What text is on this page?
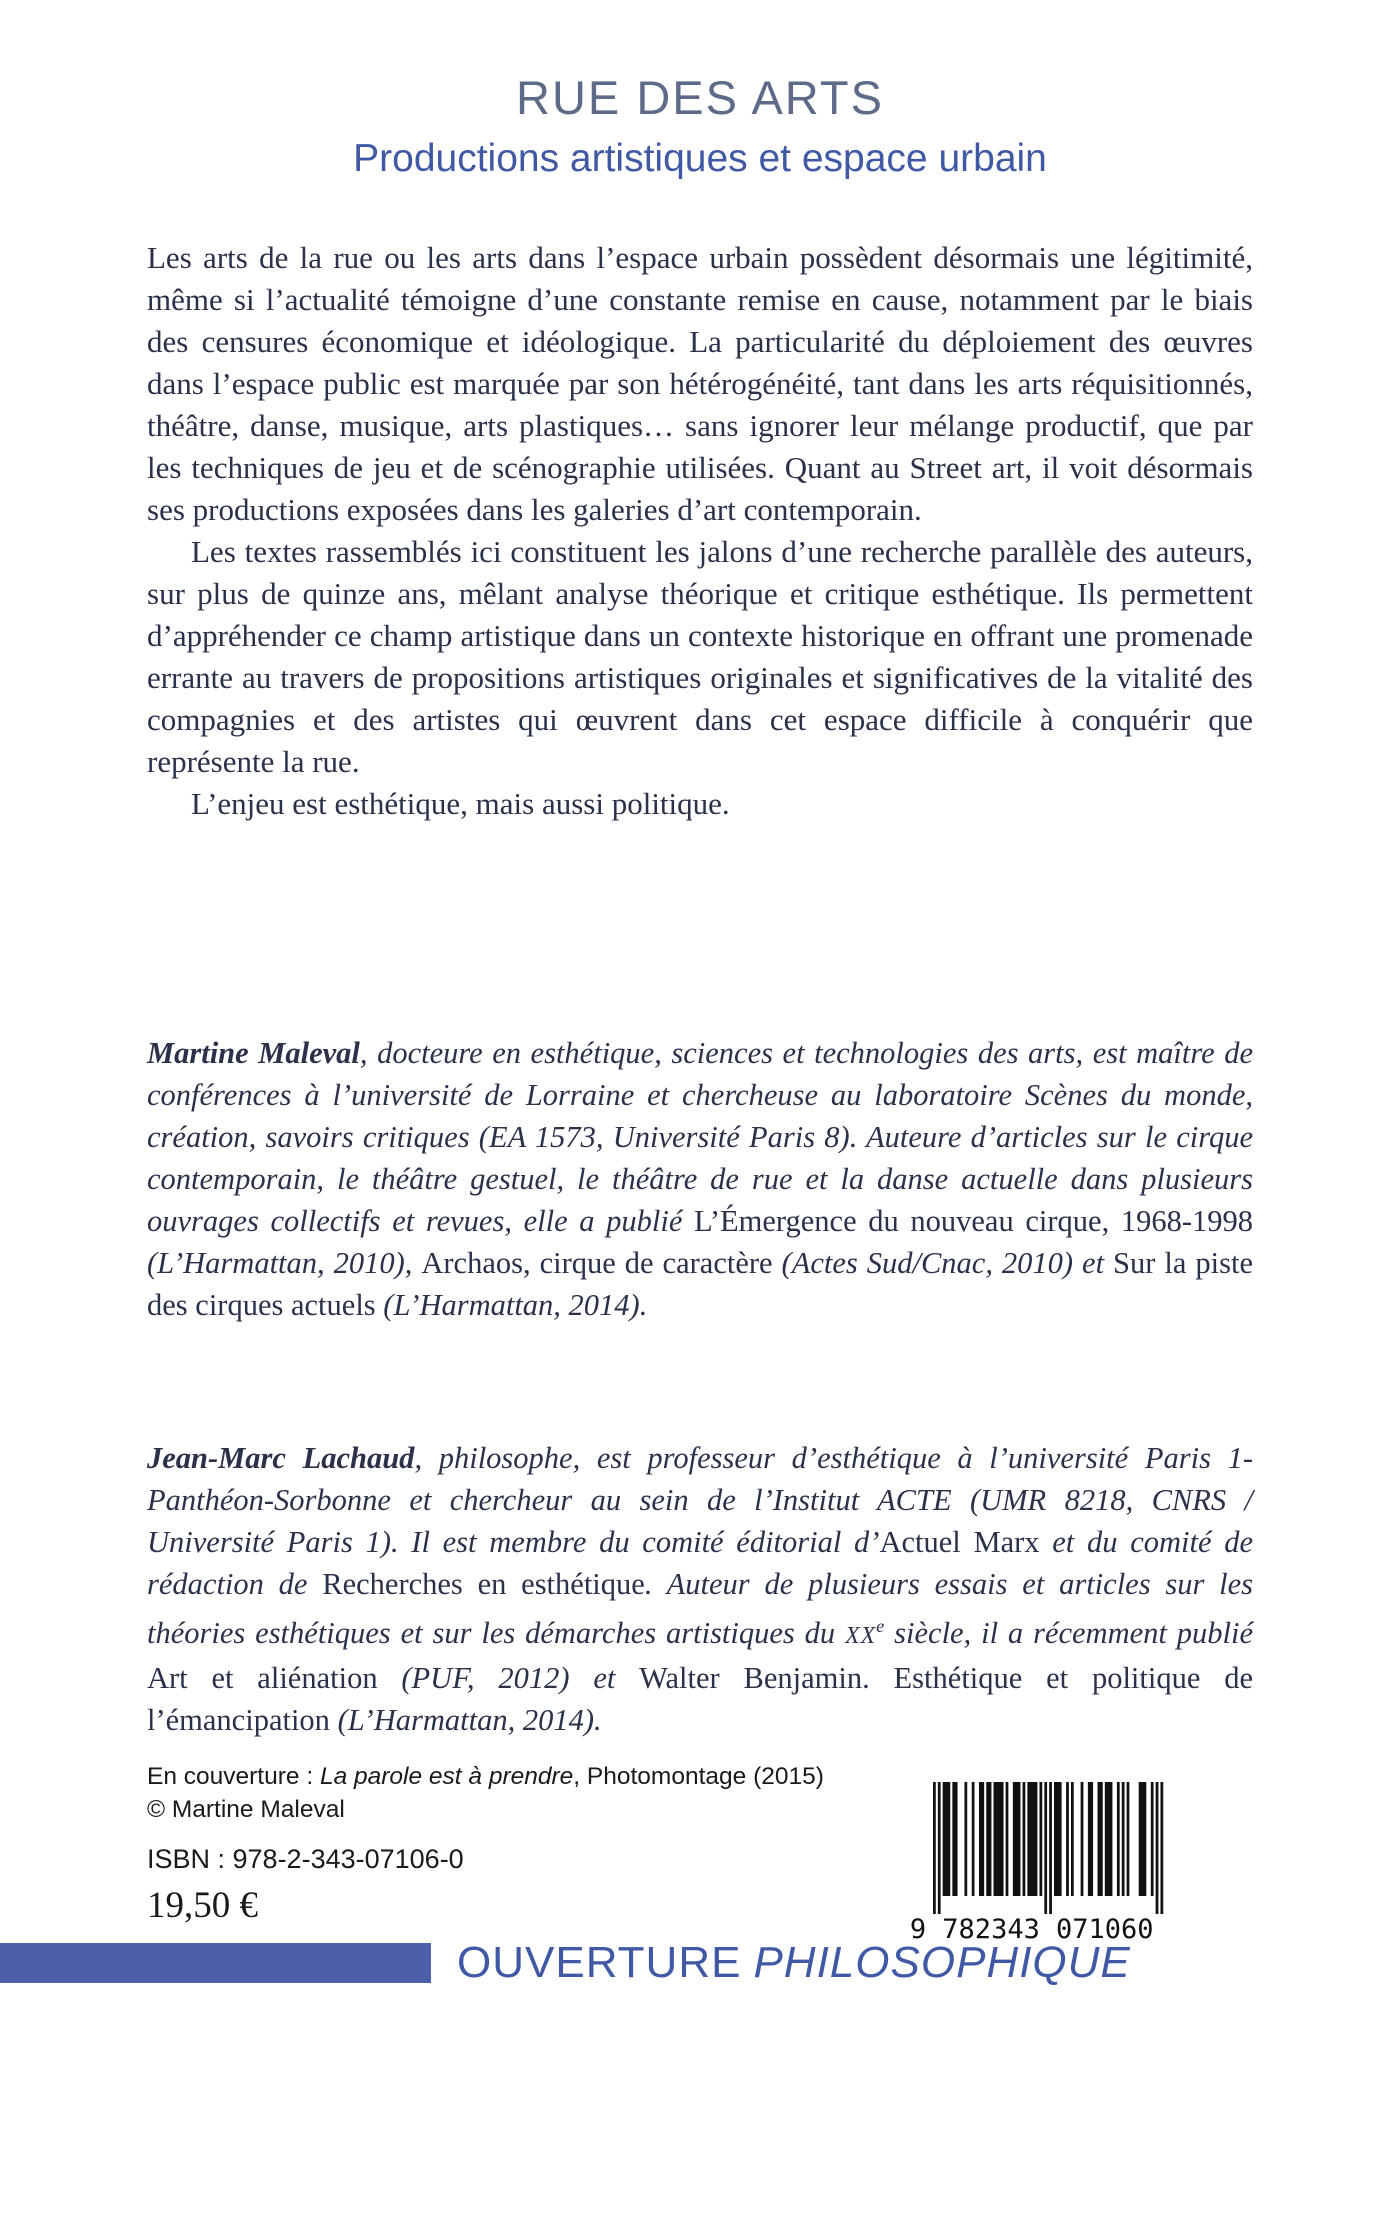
RUE DES ARTS
Productions artistiques et espace urbain

Les arts de la rue ou les arts dans l’espace urbain possèdent désormais une légitimité, même si l’actualité témoigne d’une constante remise en cause, notamment par le biais des censures économique et idéologique. La particularité du déploiement des œuvres dans l’espace public est marquée par son hétérogénéité, tant dans les arts réquisitionnés, théâtre, danse, musique, arts plastiques… sans ignorer leur mélange productif, que par les techniques de jeu et de scénographie utilisées. Quant au Street art, il voit désormais ses productions exposées dans les galeries d’art contemporain.

Les textes rassemblés ici constituent les jalons d’une recherche parallèle des auteurs, sur plus de quinze ans, mêlant analyse théorique et critique esthétique. Ils permettent d’appréhender ce champ artistique dans un contexte historique en offrant une promenade errante au travers de propositions artistiques originales et significatives de la vitalité des compagnies et des artistes qui œuvrent dans cet espace difficile à conquérir que représente la rue.

L’enjeu est esthétique, mais aussi politique.

Martine Maleval, docteure en esthétique, sciences et technologies des arts, est maître de conférences à l’université de Lorraine et chercheuse au laboratoire Scènes du monde, création, savoirs critiques (EA 1573, Université Paris 8). Auteure d’articles sur le cirque contemporain, le théâtre gestuel, le théâtre de rue et la danse actuelle dans plusieurs ouvrages collectifs et revues, elle a publié L’Émergence du nouveau cirque, 1968-1998 (L’Harmattan, 2010), Archaos, cirque de caractère (Actes Sud/Cnac, 2010) et Sur la piste des cirques actuels (L’Harmattan, 2014).

Jean-Marc Lachaud, philosophe, est professeur d’esthétique à l’université Paris 1-Panthéon-Sorbonne et chercheur au sein de l’Institut ACTE (UMR 8218, CNRS / Université Paris 1). Il est membre du comité éditorial d’Actuel Marx et du comité de rédaction de Recherches en esthétique. Auteur de plusieurs essais et articles sur les théories esthétiques et sur les démarches artistiques du XXe siècle, il a récemment publié Art et aliénation (PUF, 2012) et Walter Benjamin. Esthétique et politique de l’émancipation (L’Harmattan, 2014).

En couverture : La parole est à prendre, Photomontage (2015)

© Martine Maleval

ISBN : 978-2-343-07106-0
19,50 €
9 782343 071060
OUVERTURE PHILOSOPHIQUE
